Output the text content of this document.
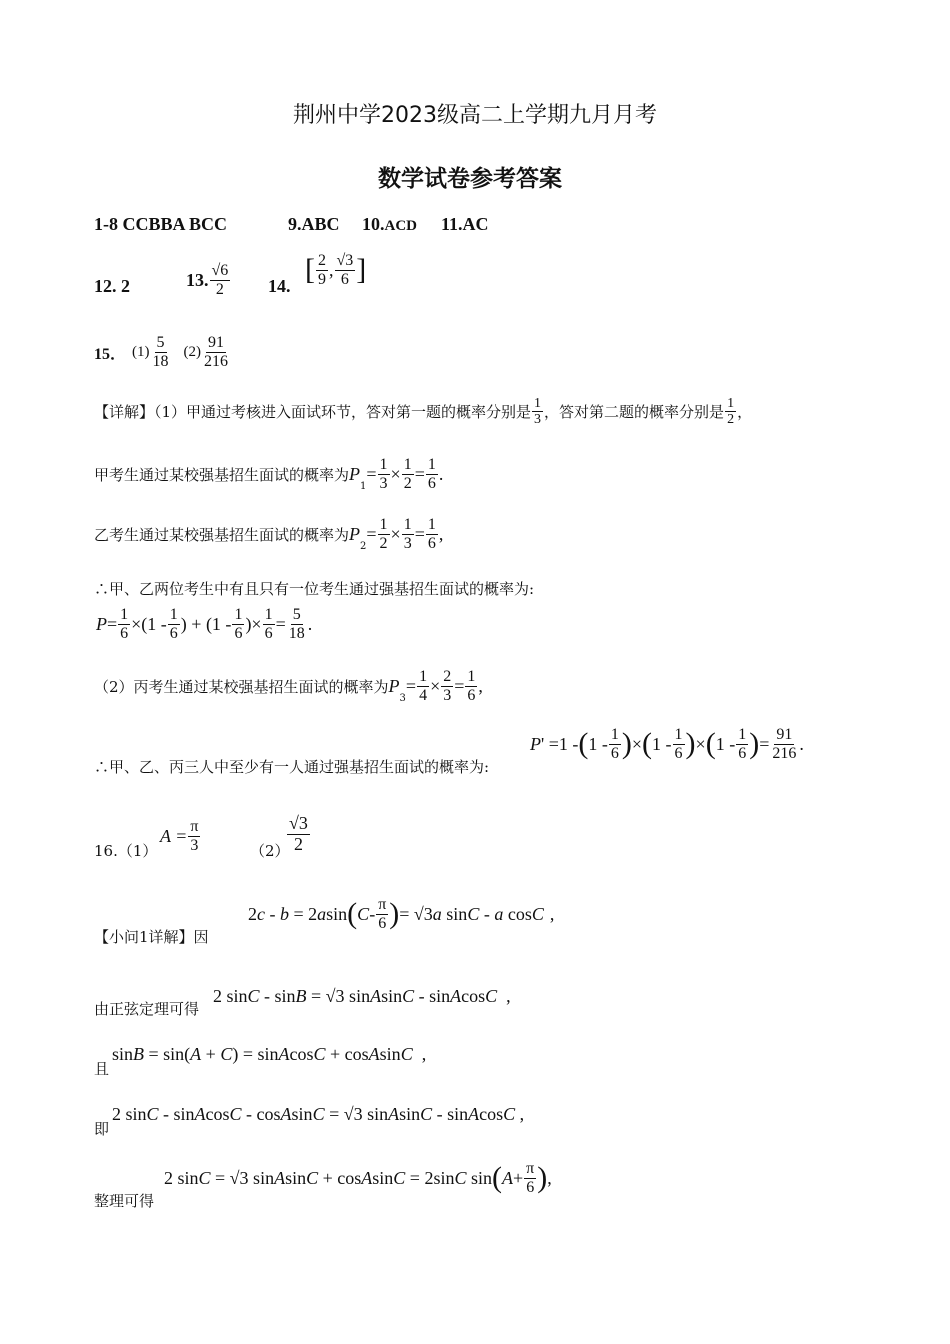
荆州中学2023级高二上学期九月月考
数学试卷参考答案
1-8 CCBBA BCC	9.ABC 10.ACD 11.AC
12. 2	13. $\frac{√6}{2} 14$. [ $\frac{2}{9}$ , $\frac{√3}{6}$ ]
15． $(1) \frac{5}{18} (2) \frac{91}{216}$
【详解】（1）甲通过考核进入面试环节，答对第一题的概率分别是 $\frac{1}{3}$ ，答对第二题的概率分别是 $\frac{1}{2}$ ，
甲考生通过某校强基招生面试的概率为 P
1
= $\frac{1}{3} \times \frac{1}{2} = \frac{1}{6}$ .
乙考生通过某校强基招生面试的概率为 P
2
= $\frac{1}{2} \times \frac{1}{3} = \frac{1}{6}$ ,
∴甲、乙两位考生中有且只有一位考生通过强基招生面试的概率为:
$P = \frac{1}{6} \times(1 - \frac{1}{6}$ ) + ($1 - \frac{1}{6}$ )× $\frac{1}{6} = \frac{5}{18}$ .
（2）丙考生通过某校强基招生面试的概率为 P
3
= $\frac{1}{4} \times \frac{2}{3} = \frac{1}{6}$ ,
∴甲、乙、丙三人中至少有一人通过强基招生面试的概率为:
P ' =1 - ( $1 - \frac{1}{6}$ ) × ( $1 - \frac{1}{6}$ ) × ( $1 - \frac{1}{6}$ ) = $\frac{91}{216}$ .
16.（1）
$A = \frac{\pi}{3}$	（2）
$\frac{√3}{2}$
【小问1详解】因
2c - b = 2asin ( C - $\frac{\pi}{6}$ ) = √3a sinC - a cosC ,
由正弦定理可得
2 sinC - sinB = √3 sinAsinC - sinAcosC  ,
且
sinB = sin(A + C) = sinAcosC + cosAsinC  ,
即
2 sinC - sinAcosC - cosAsinC = √3 sinAsinC - sinAcosC ,
整理可得
2 sinC = √3 sinAsinC + cosAsinC = 2sinC sin ( $A + \frac{\pi}{6}$ ) ,
